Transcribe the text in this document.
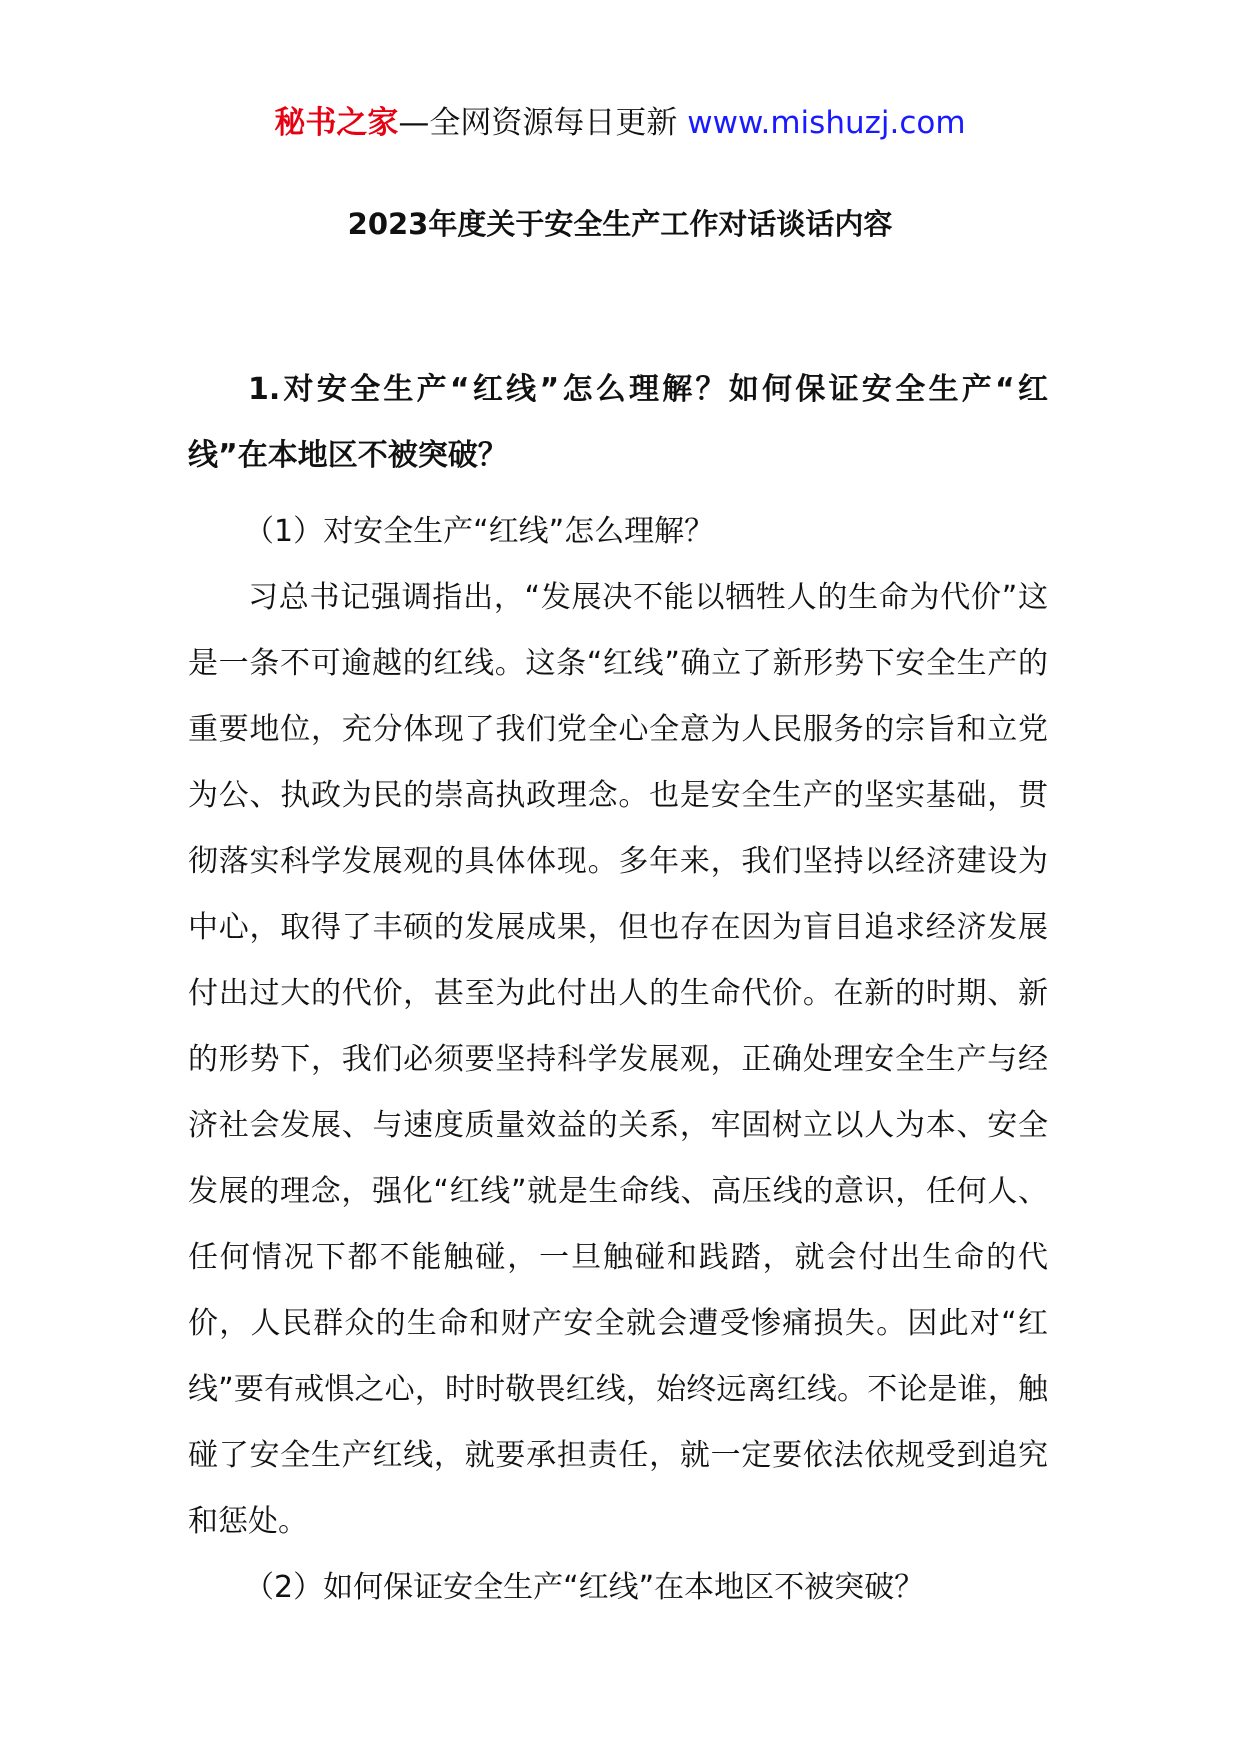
秘书之家—全网资源每日更新 www.mishuzj.com
2023年度关于安全生产工作对话谈话内容

1.对安全生产“红线”怎么理解？如何保证安全生产“红线”在本地区不被突破？

（1）对安全生产“红线”怎么理解？

习总书记强调指出，“发展决不能以牺牲人的生命为代价”这是一条不可逾越的红线。这条“红线”确立了新形势下安全生产的重要地位，充分体现了我们党全心全意为人民服务的宗旨和立党为公、执政为民的崇高执政理念。也是安全生产的坚实基础，贯彻落实科学发展观的具体体现。多年来，我们坚持以经济建设为中心，取得了丰硕的发展成果，但也存在因为盲目追求经济发展付出过大的代价，甚至为此付出人的生命代价。在新的时期、新的形势下，我们必须要坚持科学发展观，正确处理安全生产与经济社会发展、与速度质量效益的关系，牢固树立以人为本、安全发展的理念，强化“红线”就是生命线、高压线的意识，任何人、任何情况下都不能触碰，一旦触碰和践踏，就会付出生命的代价，人民群众的生命和财产安全就会遭受惨痛损失。因此对“红线”要有戒惧之心，时时敬畏红线，始终远离红线。不论是谁，触碰了安全生产红线，就要承担责任，就一定要依法依规受到追究和惩处。

（2）如何保证安全生产“红线”在本地区不被突破？
